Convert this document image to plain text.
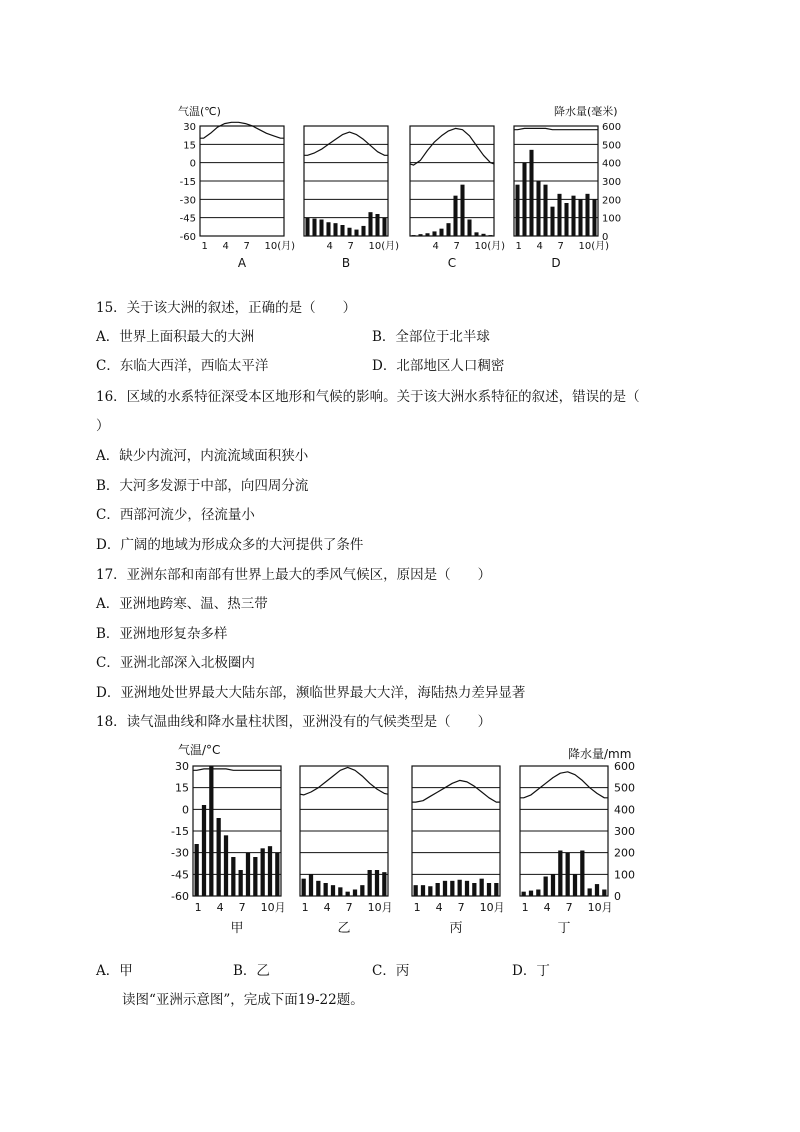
气温(℃)	降水量(毫米)
30
15
0
-15
-30
-45
-60
600
500
400
300
200
100
0
1 4 7 10(月)
A
4 7 10(月)
B
4 7 10(月)
C
1 4 7 10(月)
D
15．关于该大洲的叙述，正确的是（　　）
A．世界上面积最大的大洲	B．全部位于北半球
C．东临大西洋，西临太平洋	D．北部地区人口稠密
16．区域的水系特征深受本区地形和气候的影响。关于该大洲水系特征的叙述，错误的是（
）
A．缺少内流河，内流流域面积狭小
B．大河多发源于中部，向四周分流
C．西部河流少，径流量小
D．广阔的地域为形成众多的大河提供了条件
17．亚洲东部和南部有世界上最大的季风气候区，原因是（　　）
A．亚洲地跨寒、温、热三带
B．亚洲地形复杂多样
C．亚洲北部深入北极圈内
D．亚洲地处世界最大大陆东部，濒临世界最大大洋，海陆热力差异显著
18．读气温曲线和降水量柱状图，亚洲没有的气候类型是（　　）
气温/°C	降水量/mm
30
15
0
-15
-30
-45
-60
600
500
400
300
200
100
0
1 4 7 10月
甲
1 4 7 10月
乙
1 4 7 10月
丙
1 4 7 10月
丁
A．甲	B．乙	C．丙	D．丁
读图“亚洲示意图”，完成下面19-22题。
